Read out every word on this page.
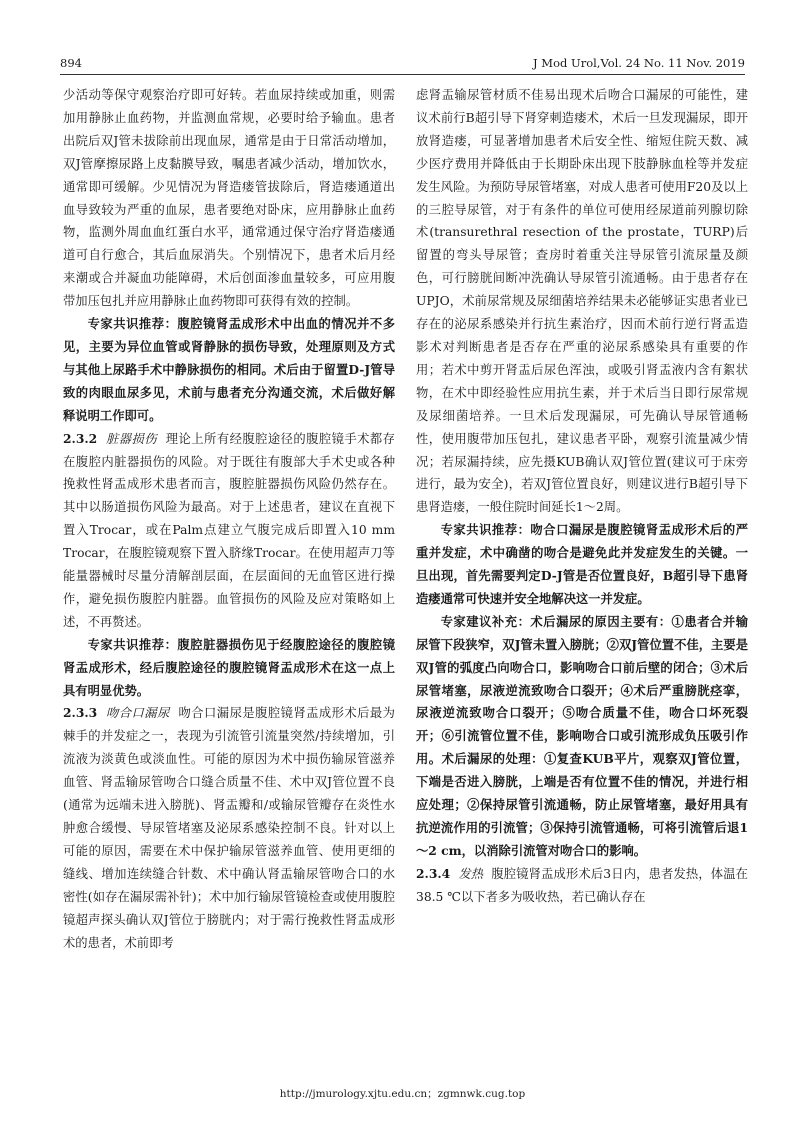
894	J Mod Urol,Vol. 24 No. 11 Nov. 2019

少活动等保守观察治疗即可好转。若血尿持续或加重，则需加用静脉止血药物，并监测血常规，必要时给予输血。患者出院后双J管未拔除前出现血尿，通常是由于日常活动增加，双J管摩擦尿路上皮黏膜导致，嘱患者减少活动，增加饮水，通常即可缓解。少见情况为肾造瘘管拔除后，肾造瘘通道出血导致较为严重的血尿，患者要绝对卧床，应用静脉止血药物，监测外周血血红蛋白水平，通常通过保守治疗肾造瘘通道可自行愈合，其后血尿消失。个别情况下，患者术后月经来潮或合并凝血功能障碍，术后创面渗血量较多，可应用腹带加压包扎并应用静脉止血药物即可获得有效的控制。

专家共识推荐：腹腔镜肾盂成形术中出血的情况并不多见，主要为异位血管或肾静脉的损伤导致，处理原则及方式与其他上尿路手术中静脉损伤的相同。术后由于留置D-J管导致的肉眼血尿多见，术前与患者充分沟通交流，术后做好解释说明工作即可。

2.3.2 脏器损伤 理论上所有经腹腔途径的腹腔镜手术都存在腹腔内脏器损伤的风险。对于既往有腹部大手术史或各种挽救性肾盂成形术患者而言，腹腔脏器损伤风险仍然存在。其中以肠道损伤风险为最高。对于上述患者，建议在直视下置入Trocar，或在Palm点建立气腹完成后即置入10 mm Trocar，在腹腔镜观察下置入脐缘Trocar。在使用超声刀等能量器械时尽量分清解剖层面，在层面间的无血管区进行操作，避免损伤腹腔内脏器。血管损伤的风险及应对策略如上述，不再赘述。

专家共识推荐：腹腔脏器损伤见于经腹腔途径的腹腔镜肾盂成形术，经后腹腔途径的腹腔镜肾盂成形术在这一点上具有明显优势。

2.3.3 吻合口漏尿 吻合口漏尿是腹腔镜肾盂成形术后最为棘手的并发症之一，表现为引流管引流量突然/持续增加，引流液为淡黄色或淡血性。可能的原因为术中损伤输尿管滋养血管、肾盂输尿管吻合口缝合质量不佳、术中双J管位置不良(通常为远端未进入膀胱)、肾盂瓣和/或输尿管瓣存在炎性水肿愈合缓慢、导尿管堵塞及泌尿系感染控制不良。针对以上可能的原因，需要在术中保护输尿管滋养血管、使用更细的缝线、增加连续缝合针数、术中确认肾盂输尿管吻合口的水密性(如存在漏尿需补针)；术中加行输尿管镜检查或使用腹腔镜超声探头确认双J管位于膀胱内；对于需行挽救性肾盂成形术的患者，术前即考

虑肾盂输尿管材质不佳易出现术后吻合口漏尿的可能性，建议术前行B超引导下肾穿刺造瘘术，术后一旦发现漏尿，即开放肾造瘘，可显著增加患者术后安全性、缩短住院天数、减少医疗费用并降低由于长期卧床出现下肢静脉血栓等并发症发生风险。为预防导尿管堵塞，对成人患者可使用F20及以上的三腔导尿管，对于有条件的单位可使用经尿道前列腺切除术(transurethral resection of the prostate，TURP)后留置的弯头导尿管；查房时着重关注导尿管引流尿量及颜色，可行膀胱间断冲洗确认导尿管引流通畅。由于患者存在UPJO，术前尿常规及尿细菌培养结果未必能够证实患者业已存在的泌尿系感染并行抗生素治疗，因而术前行逆行肾盂造影术对判断患者是否存在严重的泌尿系感染具有重要的作用；若术中剪开肾盂后尿色浑浊，或吸引肾盂液内含有絮状物，在术中即经验性应用抗生素，并于术后当日即行尿常规及尿细菌培养。一旦术后发现漏尿，可先确认导尿管通畅性，使用腹带加压包扎，建议患者平卧，观察引流量减少情况；若尿漏持续，应先摄KUB确认双J管位置(建议可于床旁进行，最为安全)，若双J管位置良好，则建议进行B超引导下患肾造瘘，一般住院时间延长1～2周。

专家共识推荐：吻合口漏尿是腹腔镜肾盂成形术后的严重并发症，术中确凿的吻合是避免此并发症发生的关键。一旦出现，首先需要判定D-J管是否位置良好，B超引导下患肾造瘘通常可快速并安全地解决这一并发症。

专家建议补充：术后漏尿的原因主要有：①患者合并输尿管下段狭窄，双J管未置入膀胱；②双J管位置不佳，主要是双J管的弧度凸向吻合口，影响吻合口前后壁的闭合；③术后尿管堵塞，尿液逆流致吻合口裂开；④术后严重膀胱痉挛，尿液逆流致吻合口裂开；⑤吻合质量不佳，吻合口坏死裂开；⑥引流管位置不佳，影响吻合口或引流形成负压吸引作用。术后漏尿的处理：①复查KUB平片，观察双J管位置，下端是否进入膀胱，上端是否有位置不佳的情况，并进行相应处理；②保持尿管引流通畅，防止尿管堵塞，最好用具有抗逆流作用的引流管；③保持引流管通畅，可将引流管后退1～2 cm，以消除引流管对吻合口的影响。

2.3.4 发热 腹腔镜肾盂成形术后3日内，患者发热，体温在38.5 ℃以下者多为吸收热，若已确认存在

http://jmurology.xjtu.edu.cn；zgmnwk.cug.top
